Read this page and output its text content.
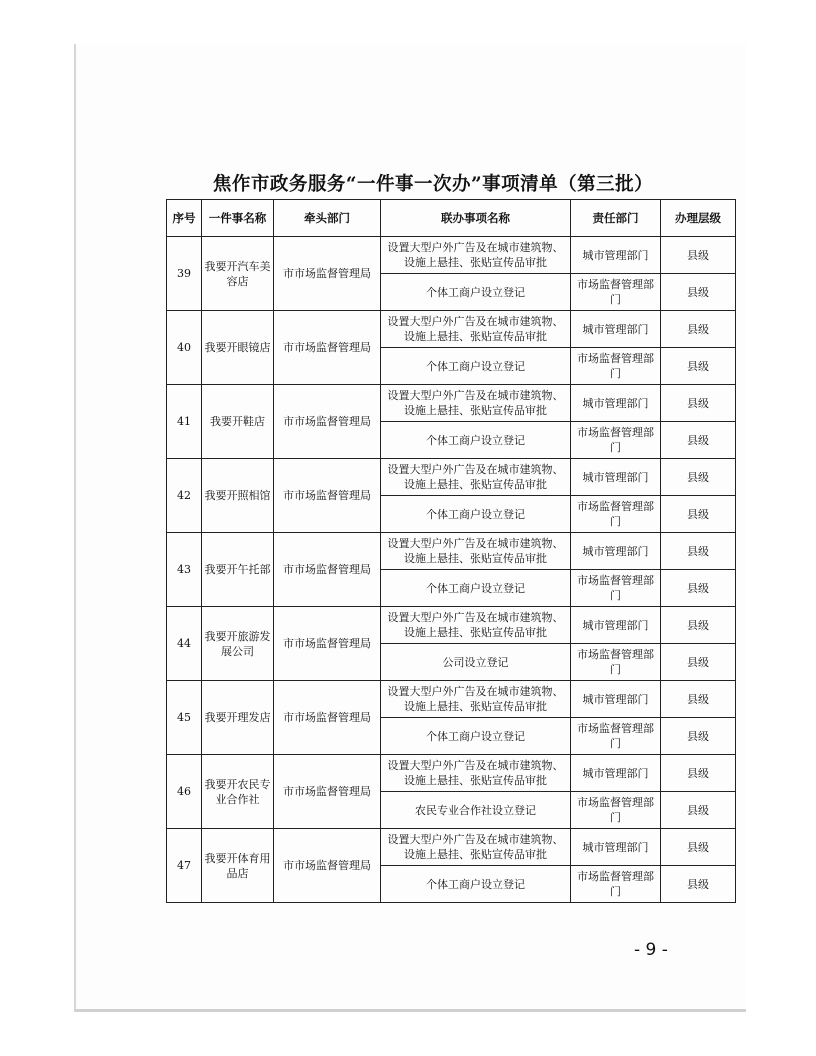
焦作市政务服务“一件事一次办”事项清单（第三批）
序号	一件事名称	牵头部门	联办事项名称	责任部门	办理层级
39	我要开汽车美容店	市市场监督管理局	设置大型户外广告及在城市建筑物、设施上悬挂、张贴宣传品审批	城市管理部门	县级
			个体工商户设立登记	市场监督管理部门	县级
40	我要开眼镜店	市市场监督管理局	设置大型户外广告及在城市建筑物、设施上悬挂、张贴宣传品审批	城市管理部门	县级
			个体工商户设立登记	市场监督管理部门	县级
41	我要开鞋店	市市场监督管理局	设置大型户外广告及在城市建筑物、设施上悬挂、张贴宣传品审批	城市管理部门	县级
			个体工商户设立登记	市场监督管理部门	县级
42	我要开照相馆	市市场监督管理局	设置大型户外广告及在城市建筑物、设施上悬挂、张贴宣传品审批	城市管理部门	县级
			个体工商户设立登记	市场监督管理部门	县级
43	我要开午托部	市市场监督管理局	设置大型户外广告及在城市建筑物、设施上悬挂、张贴宣传品审批	城市管理部门	县级
			个体工商户设立登记	市场监督管理部门	县级
44	我要开旅游发展公司	市市场监督管理局	设置大型户外广告及在城市建筑物、设施上悬挂、张贴宣传品审批	城市管理部门	县级
			公司设立登记	市场监督管理部门	县级
45	我要开理发店	市市场监督管理局	设置大型户外广告及在城市建筑物、设施上悬挂、张贴宣传品审批	城市管理部门	县级
			个体工商户设立登记	市场监督管理部门	县级
46	我要开农民专业合作社	市市场监督管理局	设置大型户外广告及在城市建筑物、设施上悬挂、张贴宣传品审批	城市管理部门	县级
			农民专业合作社设立登记	市场监督管理部门	县级
47	我要开体育用品店	市市场监督管理局	设置大型户外广告及在城市建筑物、设施上悬挂、张贴宣传品审批	城市管理部门	县级
			个体工商户设立登记	市场监督管理部门	县级
- 9 -
